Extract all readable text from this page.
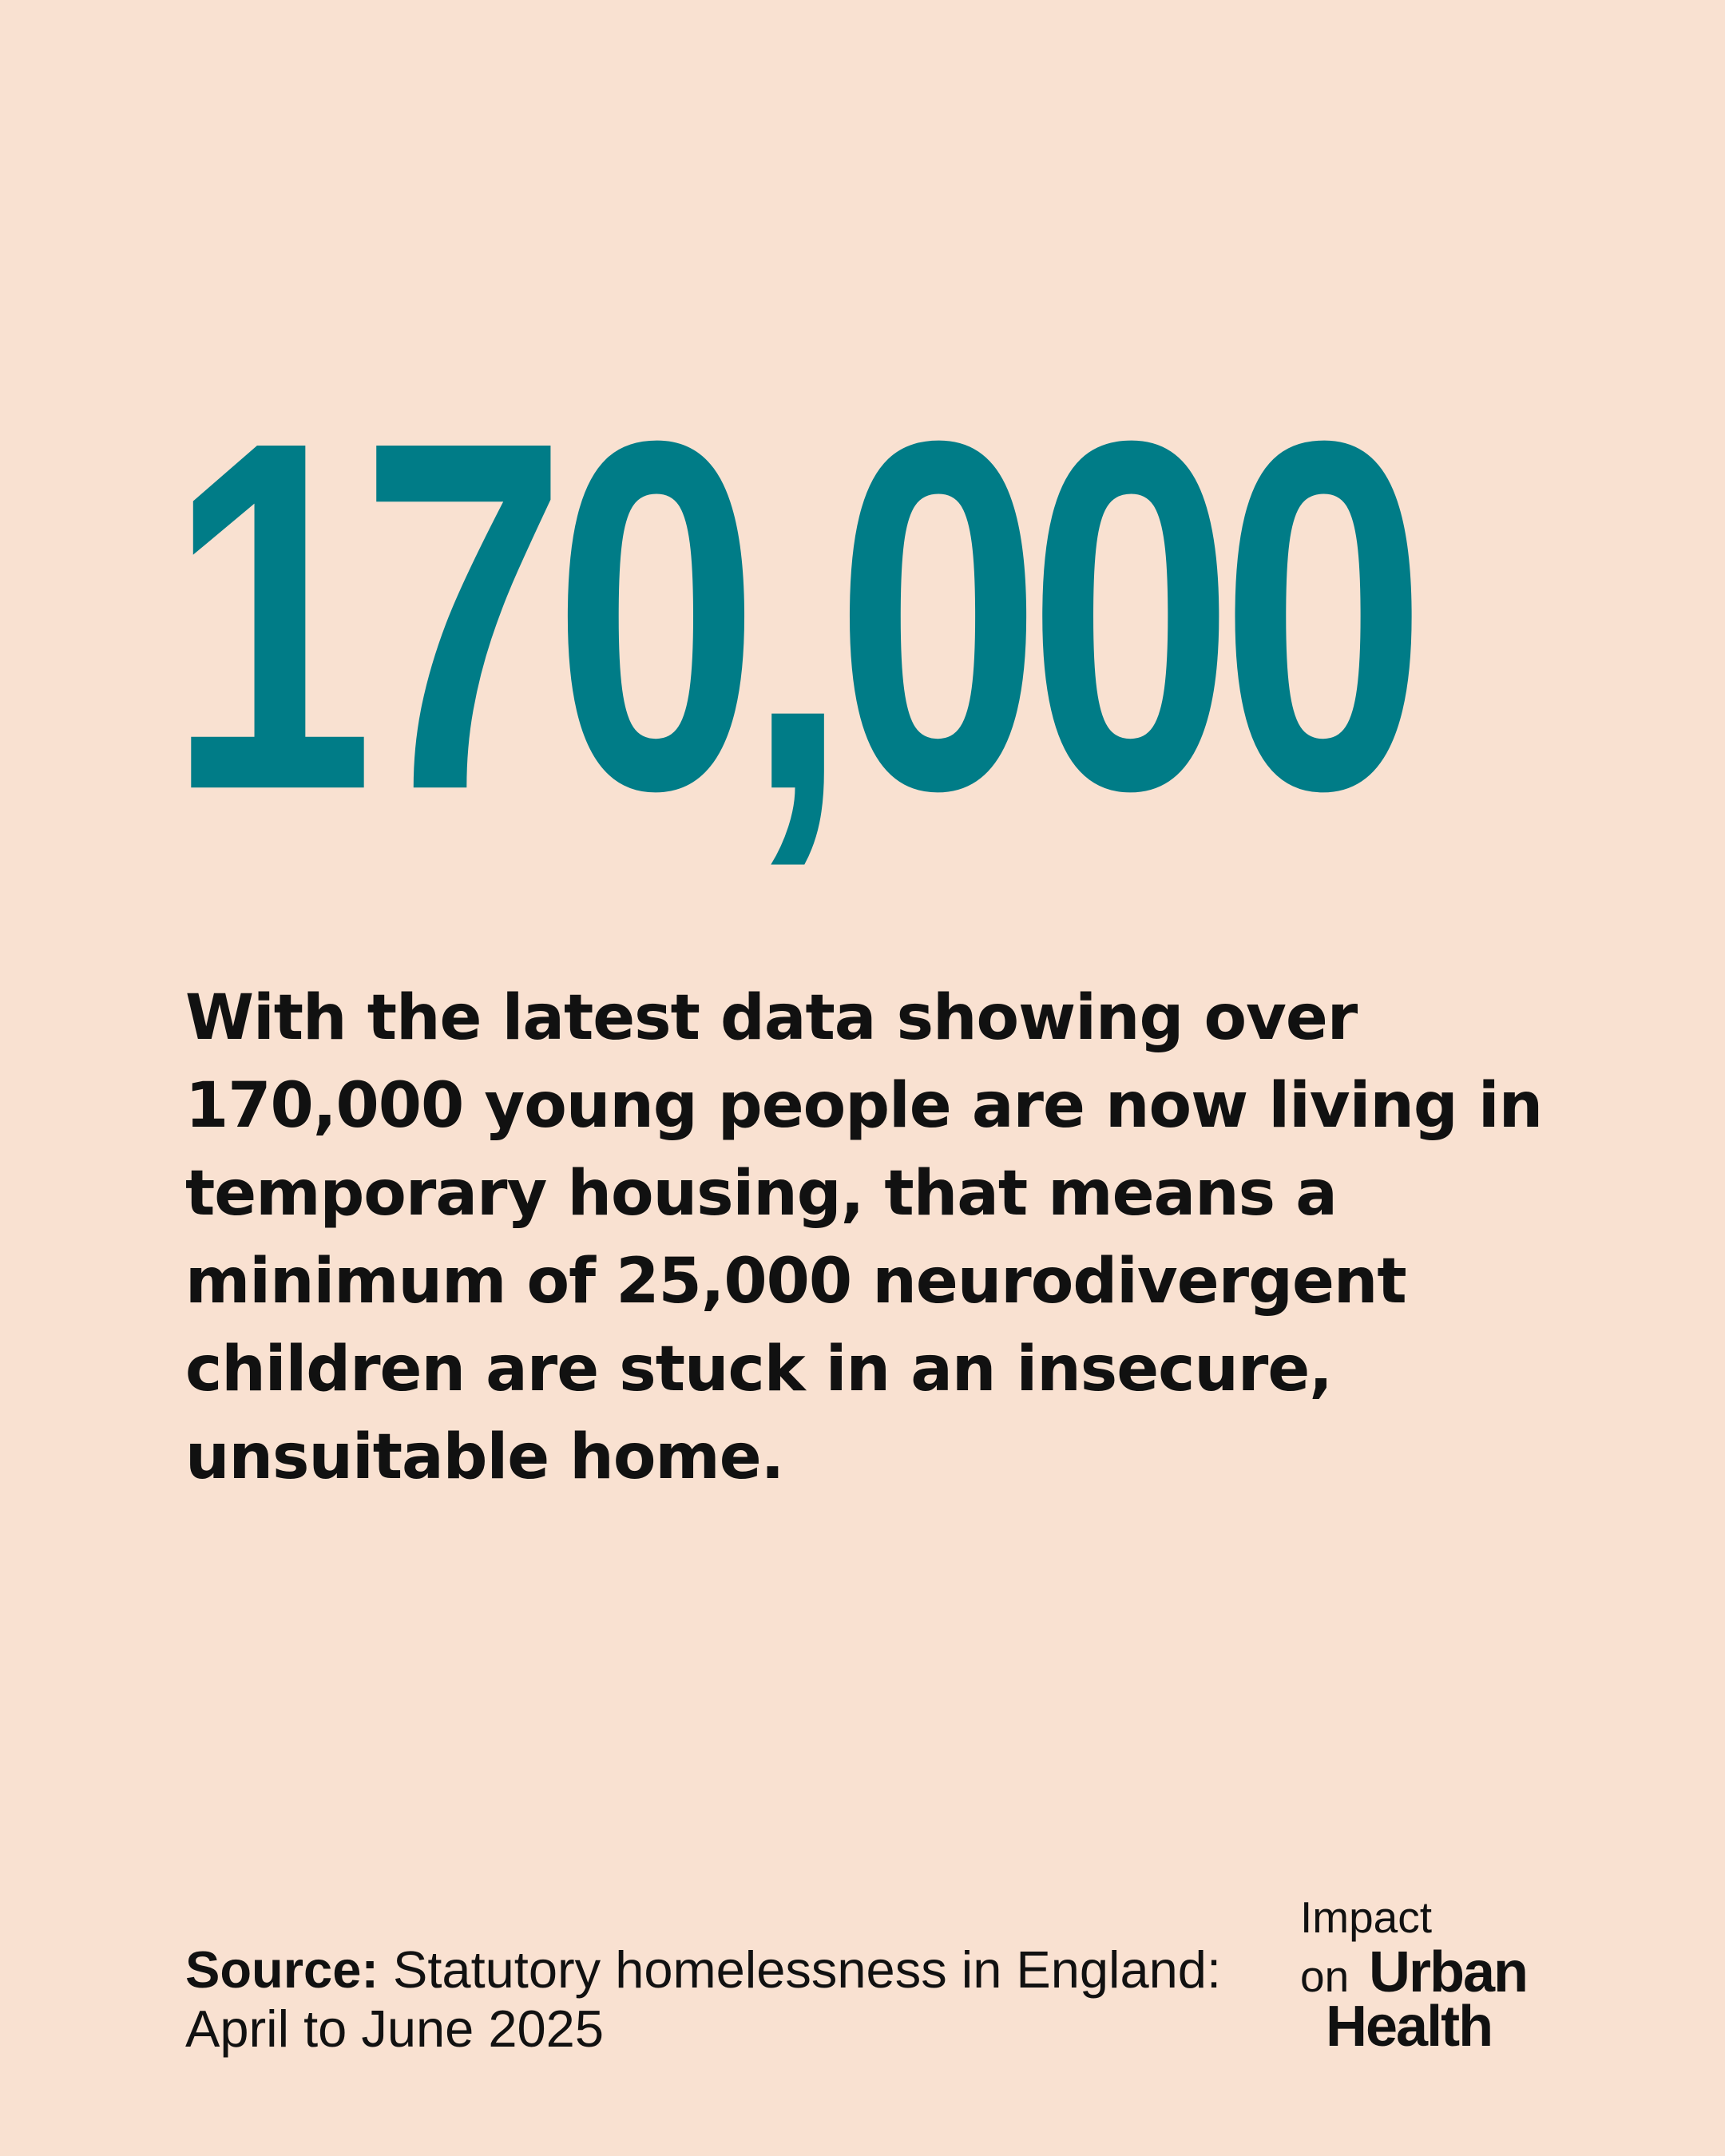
170,000

With the latest data showing over 170,000 young people are now living in temporary housing, that means a minimum of 25,000 neurodivergent children are stuck in an insecure, unsuitable home.

Source: Statutory homelessness in England: April to June 2025

Impact
on Urban
Health
